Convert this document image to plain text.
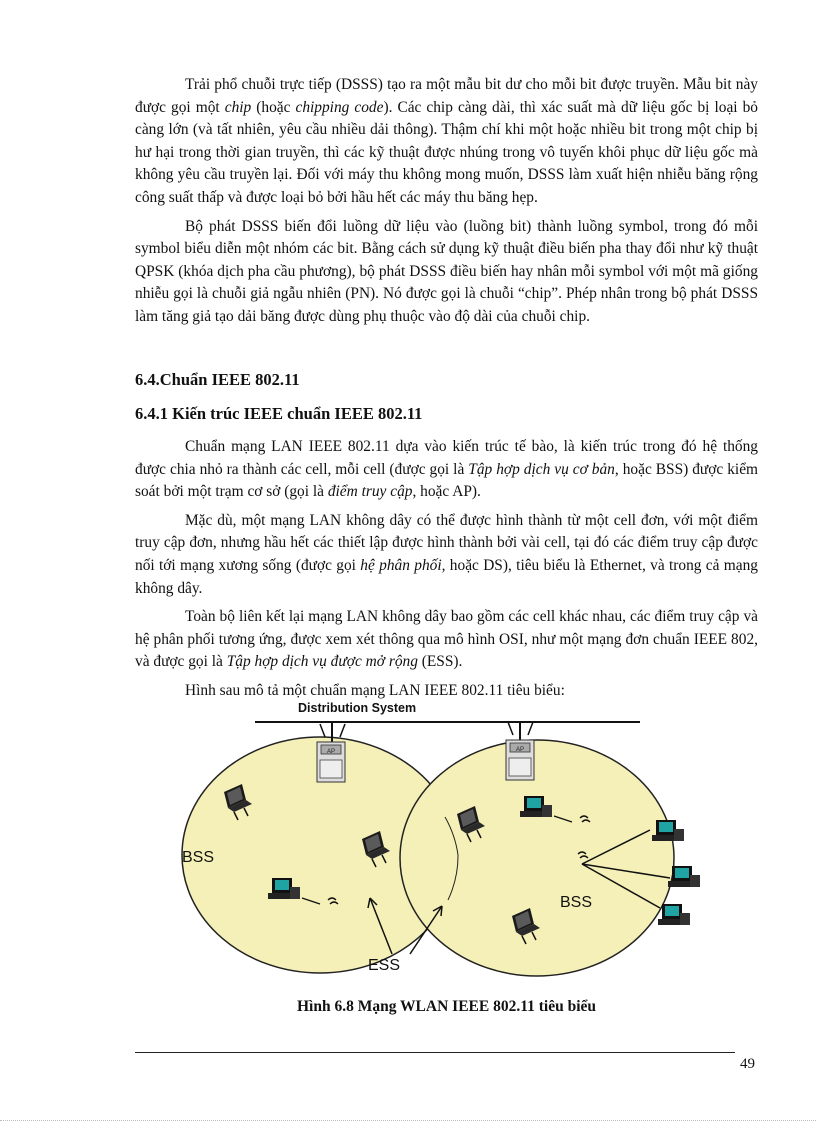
Trải phổ chuỗi trực tiếp (DSSS) tạo ra một mẫu bit dư cho mỗi bit được truyền. Mẫu bit này được gọi một chip (hoặc chipping code). Các chip càng dài, thì xác suất mà dữ liệu gốc bị loại bỏ càng lớn (và tất nhiên, yêu cầu nhiều dải thông). Thậm chí khi một hoặc nhiều bit trong một chip bị hư hại trong thời gian truyền, thì các kỹ thuật được nhúng trong vô tuyến khôi phục dữ liệu gốc mà không yêu cầu truyền lại. Đối với máy thu không mong muốn, DSSS làm xuất hiện nhiễu băng rộng công suất thấp và được loại bỏ bởi hầu hết các máy thu băng hẹp.

Bộ phát DSSS biến đổi luồng dữ liệu vào (luồng bit) thành luồng symbol, trong đó mỗi symbol biểu diễn một nhóm các bit. Bằng cách sử dụng kỹ thuật điều biến pha thay đổi như kỹ thuật QPSK (khóa dịch pha cầu phương), bộ phát DSSS điều biến hay nhân mỗi symbol với một mã giống nhiễu gọi là chuỗi giả ngẫu nhiên (PN). Nó được gọi là chuỗi “chip”. Phép nhân trong bộ phát DSSS làm tăng giả tạo dải băng được dùng phụ thuộc vào độ dài của chuỗi chip.

6.4.Chuẩn IEEE 802.11
6.4.1 Kiến trúc IEEE chuẩn IEEE 802.11

Chuẩn mạng LAN IEEE 802.11 dựa vào kiến trúc tế bào, là kiến trúc trong đó hệ thống được chia nhỏ ra thành các cell, mỗi cell (được gọi là Tập hợp dịch vụ cơ bản, hoặc BSS) được kiểm soát bởi một trạm cơ sở (gọi là điểm truy cập, hoặc AP).

Mặc dù, một mạng LAN không dây có thể được hình thành từ một cell đơn, với một điểm truy cập đơn, nhưng hầu hết các thiết lập được hình thành bởi vài cell, tại đó các điểm truy cập được nối tới mạng xương sống (được gọi hệ phân phối, hoặc DS), tiêu biểu là Ethernet, và trong cả mạng không dây.

Toàn bộ liên kết lại mạng LAN không dây bao gồm các cell khác nhau, các điểm truy cập và hệ phân phối tương ứng, được xem xét thông qua mô hình OSI, như một mạng đơn chuẩn IEEE 802, và được gọi là Tập hợp dịch vụ được mở rộng (ESS).

Hình sau mô tả một chuẩn mạng LAN IEEE 802.11 tiêu biểu:

Distribution System
AP	AP
BSS
BSS
ESS
Hình 6.8 Mạng WLAN IEEE 802.11 tiêu biểu
49
